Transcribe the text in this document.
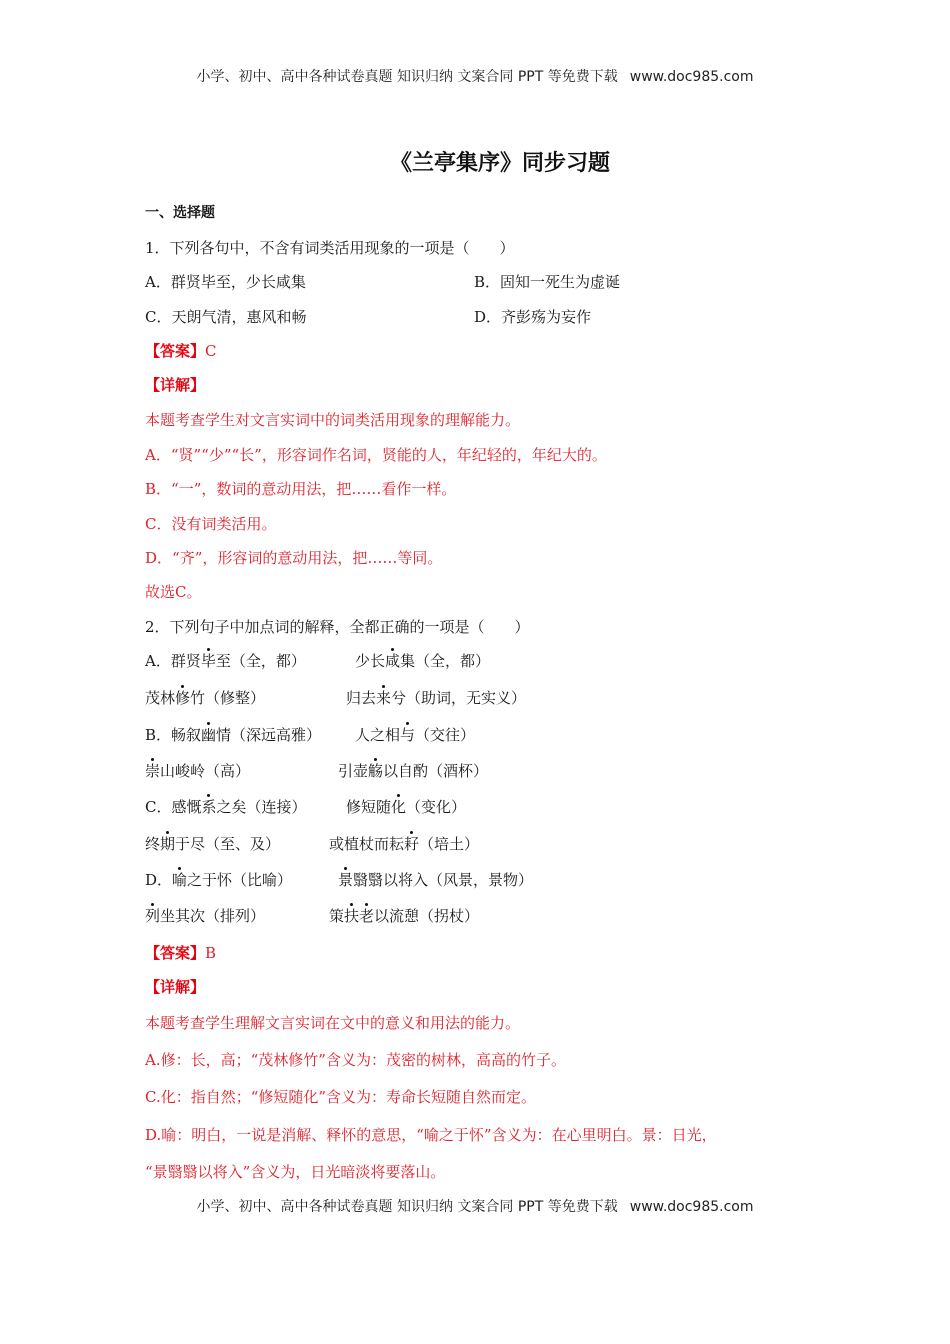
小学、初中、高中各种试卷真题 知识归纳 文案合同 PPT 等免费下载 www.doc985.com
《兰亭集序》同步习题
一、选择题
1．下列各句中，不含有词类活用现象的一项是（　　）
A．群贤毕至，少长咸集	B．固知一死生为虚诞
C．天朗气清，惠风和畅	D．齐彭殇为妄作
【答案】C
【详解】
本题考查学生对文言实词中的词类活用现象的理解能力。
A．“贤”“少”“长”，形容词作名词，贤能的人，年纪轻的，年纪大的。
B．“一”，数词的意动用法，把……看作一样。
C．没有词类活用。
D．“齐”，形容词的意动用法，把……等同。
故选C。
2．下列句子中加点词的解释，全都正确的一项是（　　）
A．群贤毕至（全，都）	少长咸集（全，都）
茂林修竹（修整）	归去来兮（助词，无实义）
B．畅叙幽情（深远高雅） 人之相与（交往）
崇山峻岭（高）	引壶觞以自酌（酒杯）
C．感慨系之矣（连接）	修短随化（变化）
终期于尽（至、及）	或植杖而耘耔（培土）
D．喻之于怀（比喻）	景翳翳以将入（风景，景物）
列坐其次（排列）	策扶老以流憩（拐杖）
【答案】B
【详解】
本题考查学生理解文言实词在文中的意义和用法的能力。
A.修：长，高；“茂林修竹”含义为：茂密的树林，高高的竹子。
C.化：指自然；“修短随化”含义为：寿命长短随自然而定。
D.喻：明白，一说是消解、释怀的意思，“喻之于怀”含义为：在心里明白。景：日光，
“景翳翳以将入”含义为，日光暗淡将要落山。
小学、初中、高中各种试卷真题 知识归纳 文案合同 PPT 等免费下载 www.doc985.com
